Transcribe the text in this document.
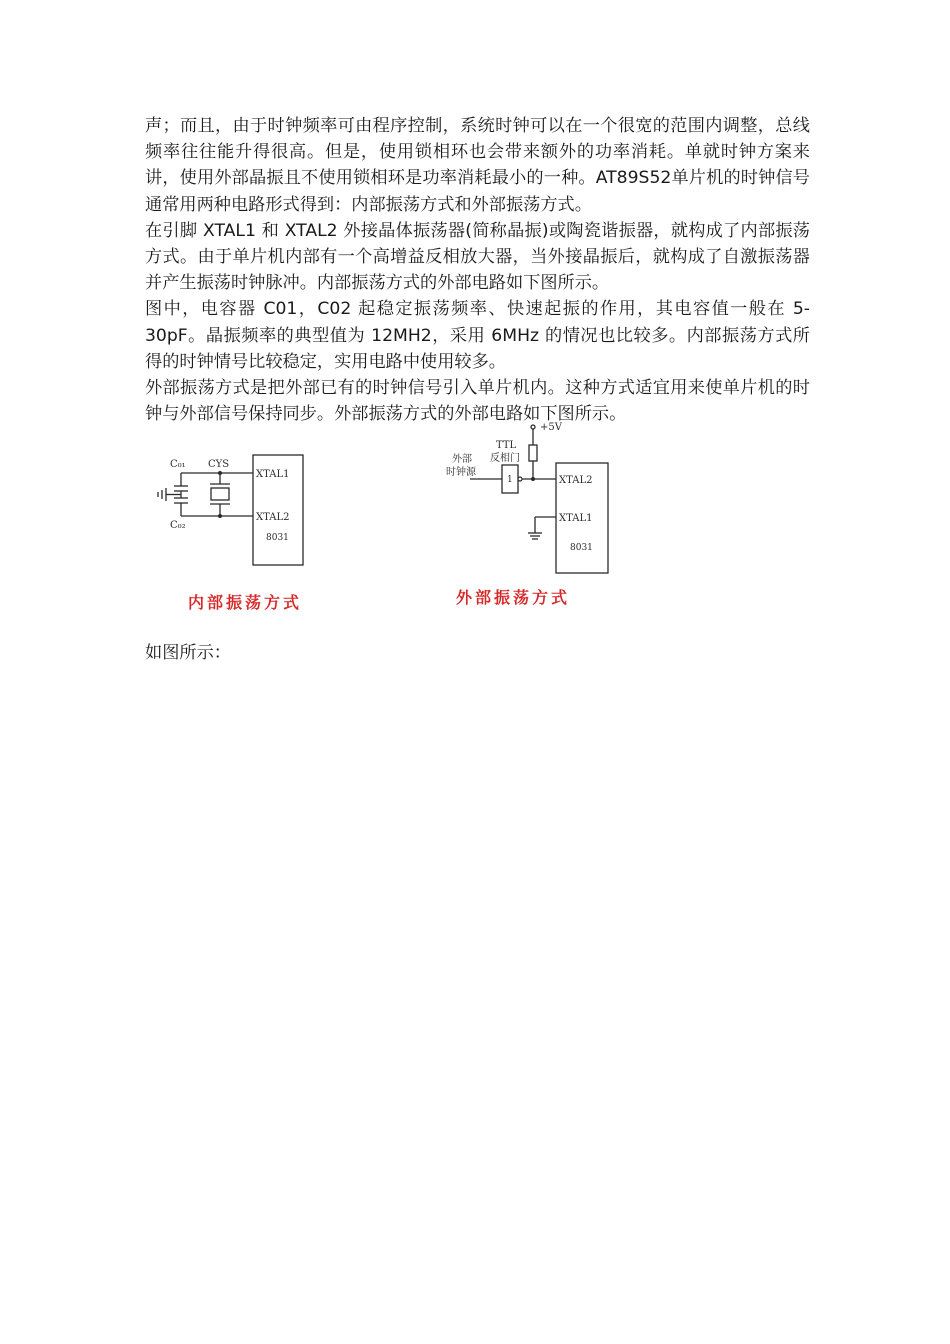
声；而且，由于时钟频率可由程序控制，系统时钟可以在一个很宽的范围内调整，总线频率往往能升得很高。但是，使用锁相环也会带来额外的功率消耗。单就时钟方案来讲，使用外部晶振且不使用锁相环是功率消耗最小的一种。AT89S52单片机的时钟信号通常用两种电路形式得到：内部振荡方式和外部振荡方式。

在引脚 XTAL1 和 XTAL2 外接晶体振荡器(简称晶振)或陶瓷谐振器，就构成了内部振荡方式。由于单片机内部有一个高增益反相放大器，当外接晶振后，就构成了自激振荡器并产生振荡时钟脉冲。内部振荡方式的外部电路如下图所示。

图中，电容器 C01，C02 起稳定振荡频率、快速起振的作用，其电容值一般在 5-30pF。晶振频率的典型值为 12MH2，采用 6MHz 的情况也比较多。内部振荡方式所得的时钟情号比较稳定，实用电路中使用较多。

外部振荡方式是把外部已有的时钟信号引入单片机内。这种方式适宜用来使单片机的时钟与外部信号保持同步。外部振荡方式的外部电路如下图所示。

C₀₁
C₀₂
CYS
XTAL1
XTAL2
8031
内部振荡方式
+5V
TTL
反相门
1
外部
时钟源
XTAL2
XTAL1
8031
外部振荡方式
如图所示：
